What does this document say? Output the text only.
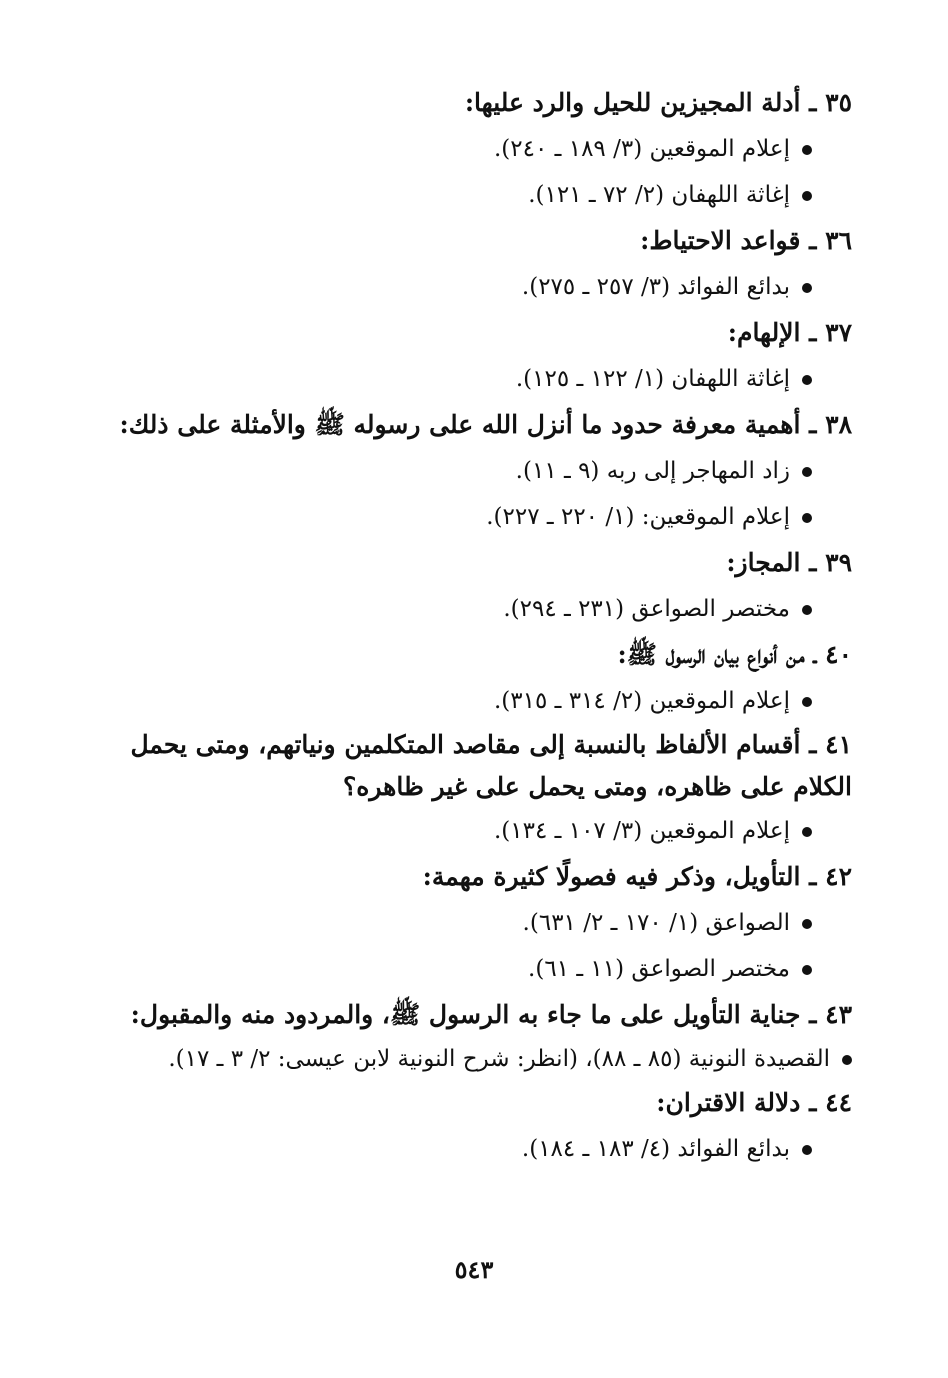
٣٥ ـ أدلة المجيزين للحيل والرد عليها:
إعلام الموقعين (٣/ ١٨٩ ـ ٢٤٠).
إغاثة اللهفان (٢/ ٧٢ ـ ١٢١).
٣٦ ـ قواعد الاحتياط:
بدائع الفوائد (٣/ ٢٥٧ ـ ٢٧٥).
٣٧ ـ الإلهام:
إغاثة اللهفان (١/ ١٢٢ ـ ١٢٥).
٣٨ ـ أهمية معرفة حدود ما أنزل الله على رسوله ﷺ والأمثلة على ذلك:
زاد المهاجر إلى ربه (٩ ـ ١١).
إعلام الموقعين: (١/ ٢٢٠ ـ ٢٢٧).
٣٩ ـ المجاز:
مختصر الصواعق (٢٣١ ـ ٢٩٤).
٤٠ ـ من أنواع بيان الرسول ﷺ:
إعلام الموقعين (٢/ ٣١٤ ـ ٣١٥).
٤١ ـ أقسام الألفاظ بالنسبة إلى مقاصد المتكلمين ونياتهم، ومتى يحمل الكلام على ظاهره، ومتى يحمل على غير ظاهره؟
إعلام الموقعين (٣/ ١٠٧ ـ ١٣٤).
٤٢ ـ التأويل، وذكر فيه فصولًا كثيرة مهمة:
الصواعق (١/ ١٧٠ ـ ٢/ ٦٣١).
مختصر الصواعق (١١ ـ ٦١).
٤٣ ـ جناية التأويل على ما جاء به الرسول ﷺ، والمردود منه والمقبول:
القصيدة النونية (٨٥ ـ ٨٨)، (انظر: شرح النونية لابن عيسى: ٢/ ٣ ـ ١٧).
٤٤ ـ دلالة الاقتران:
بدائع الفوائد (٤/ ١٨٣ ـ ١٨٤).
٥٤٣
